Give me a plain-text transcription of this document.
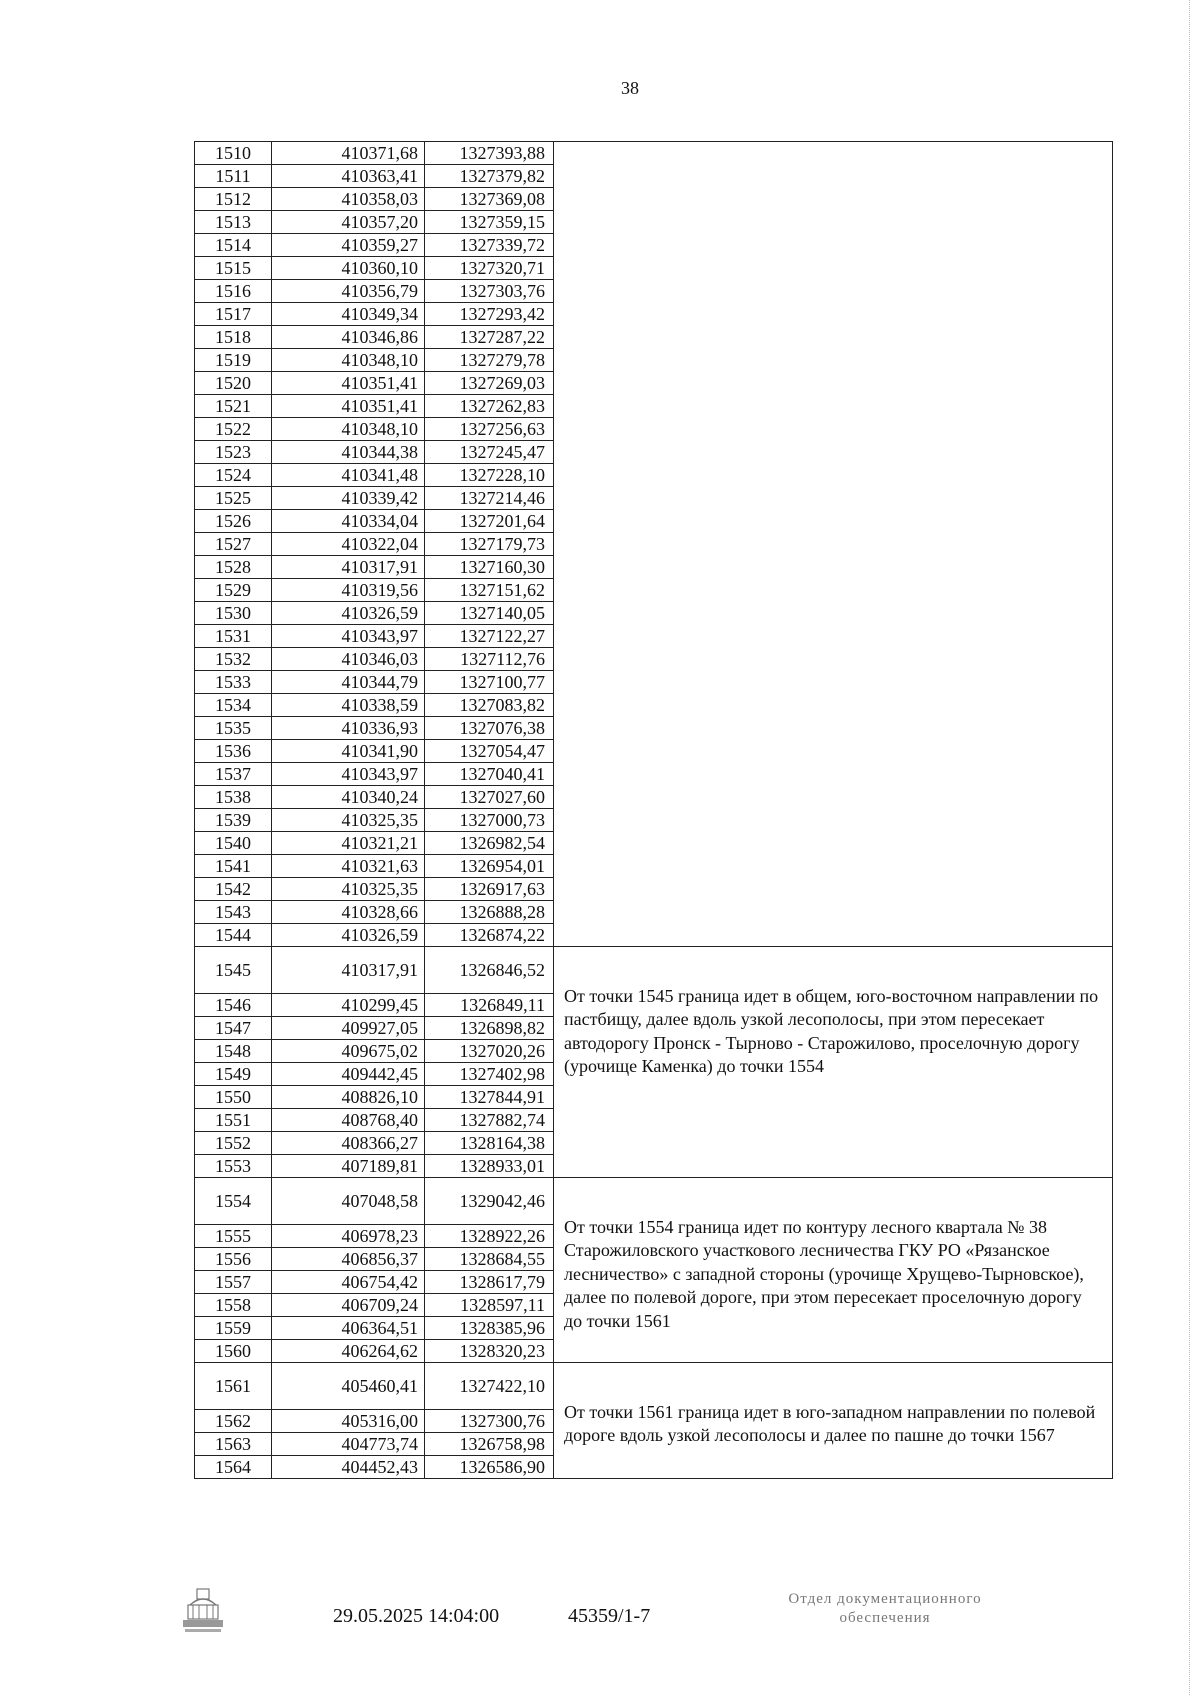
38
1510	410371,68	1327393,88	
1511	410363,41	1327379,82	
1512	410358,03	1327369,08	
1513	410357,20	1327359,15	
1514	410359,27	1327339,72	
1515	410360,10	1327320,71	
1516	410356,79	1327303,76	
1517	410349,34	1327293,42	
1518	410346,86	1327287,22	
1519	410348,10	1327279,78	
1520	410351,41	1327269,03	
1521	410351,41	1327262,83	
1522	410348,10	1327256,63	
1523	410344,38	1327245,47	
1524	410341,48	1327228,10	
1525	410339,42	1327214,46	
1526	410334,04	1327201,64	
1527	410322,04	1327179,73	
1528	410317,91	1327160,30	
1529	410319,56	1327151,62	
1530	410326,59	1327140,05	
1531	410343,97	1327122,27	
1532	410346,03	1327112,76	
1533	410344,79	1327100,77	
1534	410338,59	1327083,82	
1535	410336,93	1327076,38	
1536	410341,90	1327054,47	
1537	410343,97	1327040,41	
1538	410340,24	1327027,60	
1539	410325,35	1327000,73	
1540	410321,21	1326982,54	
1541	410321,63	1326954,01	
1542	410325,35	1326917,63	
1543	410328,66	1326888,28	
1544	410326,59	1326874,22	
1545	410317,91	1326846,52	От точки 1545 граница идет в общем, юго-восточном направлении по пастбищу, далее вдоль узкой лесополосы, при этом пересекает автодорогу Пронск - Тырново - Старожилово, проселочную дорогу (урочище Каменка) до точки 1554
1546	410299,45	1326849,11	
1547	409927,05	1326898,82	
1548	409675,02	1327020,26	
1549	409442,45	1327402,98	
1550	408826,10	1327844,91	
1551	408768,40	1327882,74	
1552	408366,27	1328164,38	
1553	407189,81	1328933,01	
1554	407048,58	1329042,46	От точки 1554 граница идет по контуру лесного квартала № 38 Старожиловского участкового лесничества ГКУ РО «Рязанское лесничество» с западной стороны (урочище Хрущево-Тырновское), далее по полевой дороге, при этом пересекает проселочную дорогу до точки 1561
1555	406978,23	1328922,26	
1556	406856,37	1328684,55	
1557	406754,42	1328617,79	
1558	406709,24	1328597,11	
1559	406364,51	1328385,96	
1560	406264,62	1328320,23	
1561	405460,41	1327422,10	От точки 1561 граница идет в юго-западном направлении по полевой дороге вдоль узкой лесополосы и далее по пашне до точки 1567
1562	405316,00	1327300,76	
1563	404773,74	1326758,98	
1564	404452,43	1326586,90	
29.05.2025 14:04:00	45359/1-7
Отдел документационного
обеспечения
